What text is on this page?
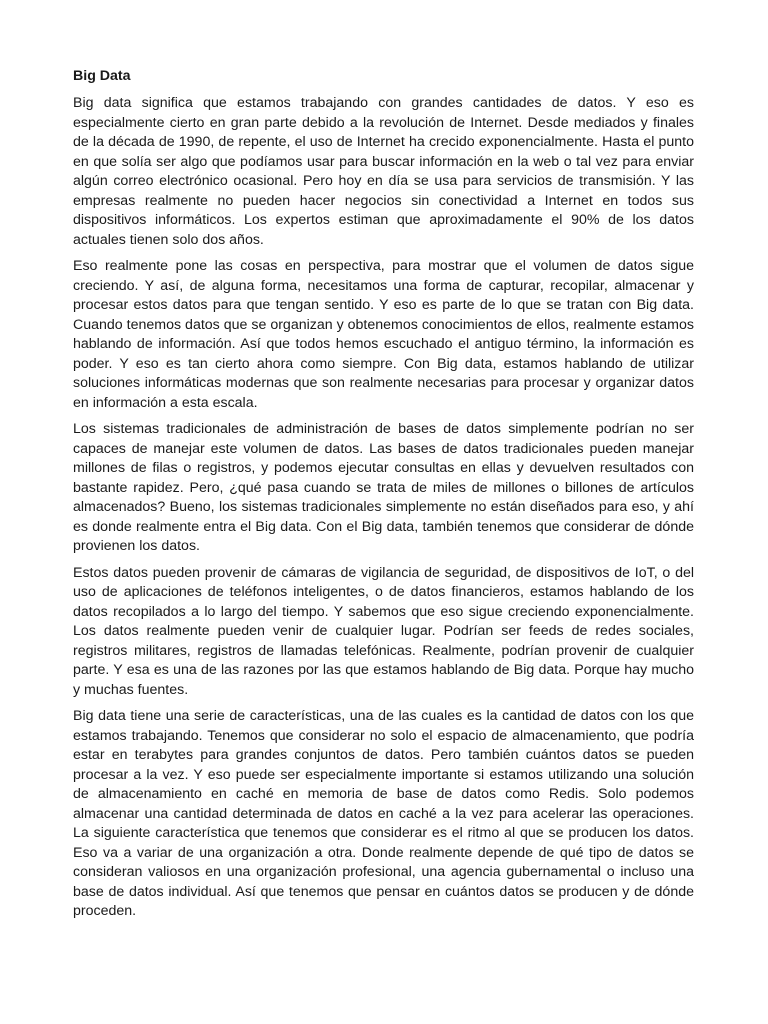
Big Data

Big data significa que estamos trabajando con grandes cantidades de datos. Y eso es especialmente cierto en gran parte debido a la revolución de Internet. Desde mediados y finales de la década de 1990, de repente, el uso de Internet ha crecido exponencialmente. Hasta el punto en que solía ser algo que podíamos usar para buscar información en la web o tal vez para enviar algún correo electrónico ocasional. Pero hoy en día se usa para servicios de transmisión. Y las empresas realmente no pueden hacer negocios sin conectividad a Internet en todos sus dispositivos informáticos. Los expertos estiman que aproximadamente el 90% de los datos actuales tienen solo dos años.

Eso realmente pone las cosas en perspectiva, para mostrar que el volumen de datos sigue creciendo. Y así, de alguna forma, necesitamos una forma de capturar, recopilar, almacenar y procesar estos datos para que tengan sentido. Y eso es parte de lo que se tratan con Big data. Cuando tenemos datos que se organizan y obtenemos conocimientos de ellos, realmente estamos hablando de información. Así que todos hemos escuchado el antiguo término, la información es poder. Y eso es tan cierto ahora como siempre. Con Big data, estamos hablando de utilizar soluciones informáticas modernas que son realmente necesarias para procesar y organizar datos en información a esta escala.

Los sistemas tradicionales de administración de bases de datos simplemente podrían no ser capaces de manejar este volumen de datos. Las bases de datos tradicionales pueden manejar millones de filas o registros, y podemos ejecutar consultas en ellas y devuelven resultados con bastante rapidez. Pero, ¿qué pasa cuando se trata de miles de millones o billones de artículos almacenados? Bueno, los sistemas tradicionales simplemente no están diseñados para eso, y ahí es donde realmente entra el Big data. Con el Big data, también tenemos que considerar de dónde provienen los datos.

Estos datos pueden provenir de cámaras de vigilancia de seguridad, de dispositivos de IoT, o del uso de aplicaciones de teléfonos inteligentes, o de datos financieros, estamos hablando de los datos recopilados a lo largo del tiempo. Y sabemos que eso sigue creciendo exponencialmente. Los datos realmente pueden venir de cualquier lugar. Podrían ser feeds de redes sociales, registros militares, registros de llamadas telefónicas. Realmente, podrían provenir de cualquier parte. Y esa es una de las razones por las que estamos hablando de Big data. Porque hay mucho y muchas fuentes.

Big data tiene una serie de características, una de las cuales es la cantidad de datos con los que estamos trabajando. Tenemos que considerar no solo el espacio de almacenamiento, que podría estar en terabytes para grandes conjuntos de datos. Pero también cuántos datos se pueden procesar a la vez. Y eso puede ser especialmente importante si estamos utilizando una solución de almacenamiento en caché en memoria de base de datos como Redis. Solo podemos almacenar una cantidad determinada de datos en caché a la vez para acelerar las operaciones. La siguiente característica que tenemos que considerar es el ritmo al que se producen los datos. Eso va a variar de una organización a otra. Donde realmente depende de qué tipo de datos se consideran valiosos en una organización profesional, una agencia gubernamental o incluso una base de datos individual. Así que tenemos que pensar en cuántos datos se producen y de dónde proceden.
